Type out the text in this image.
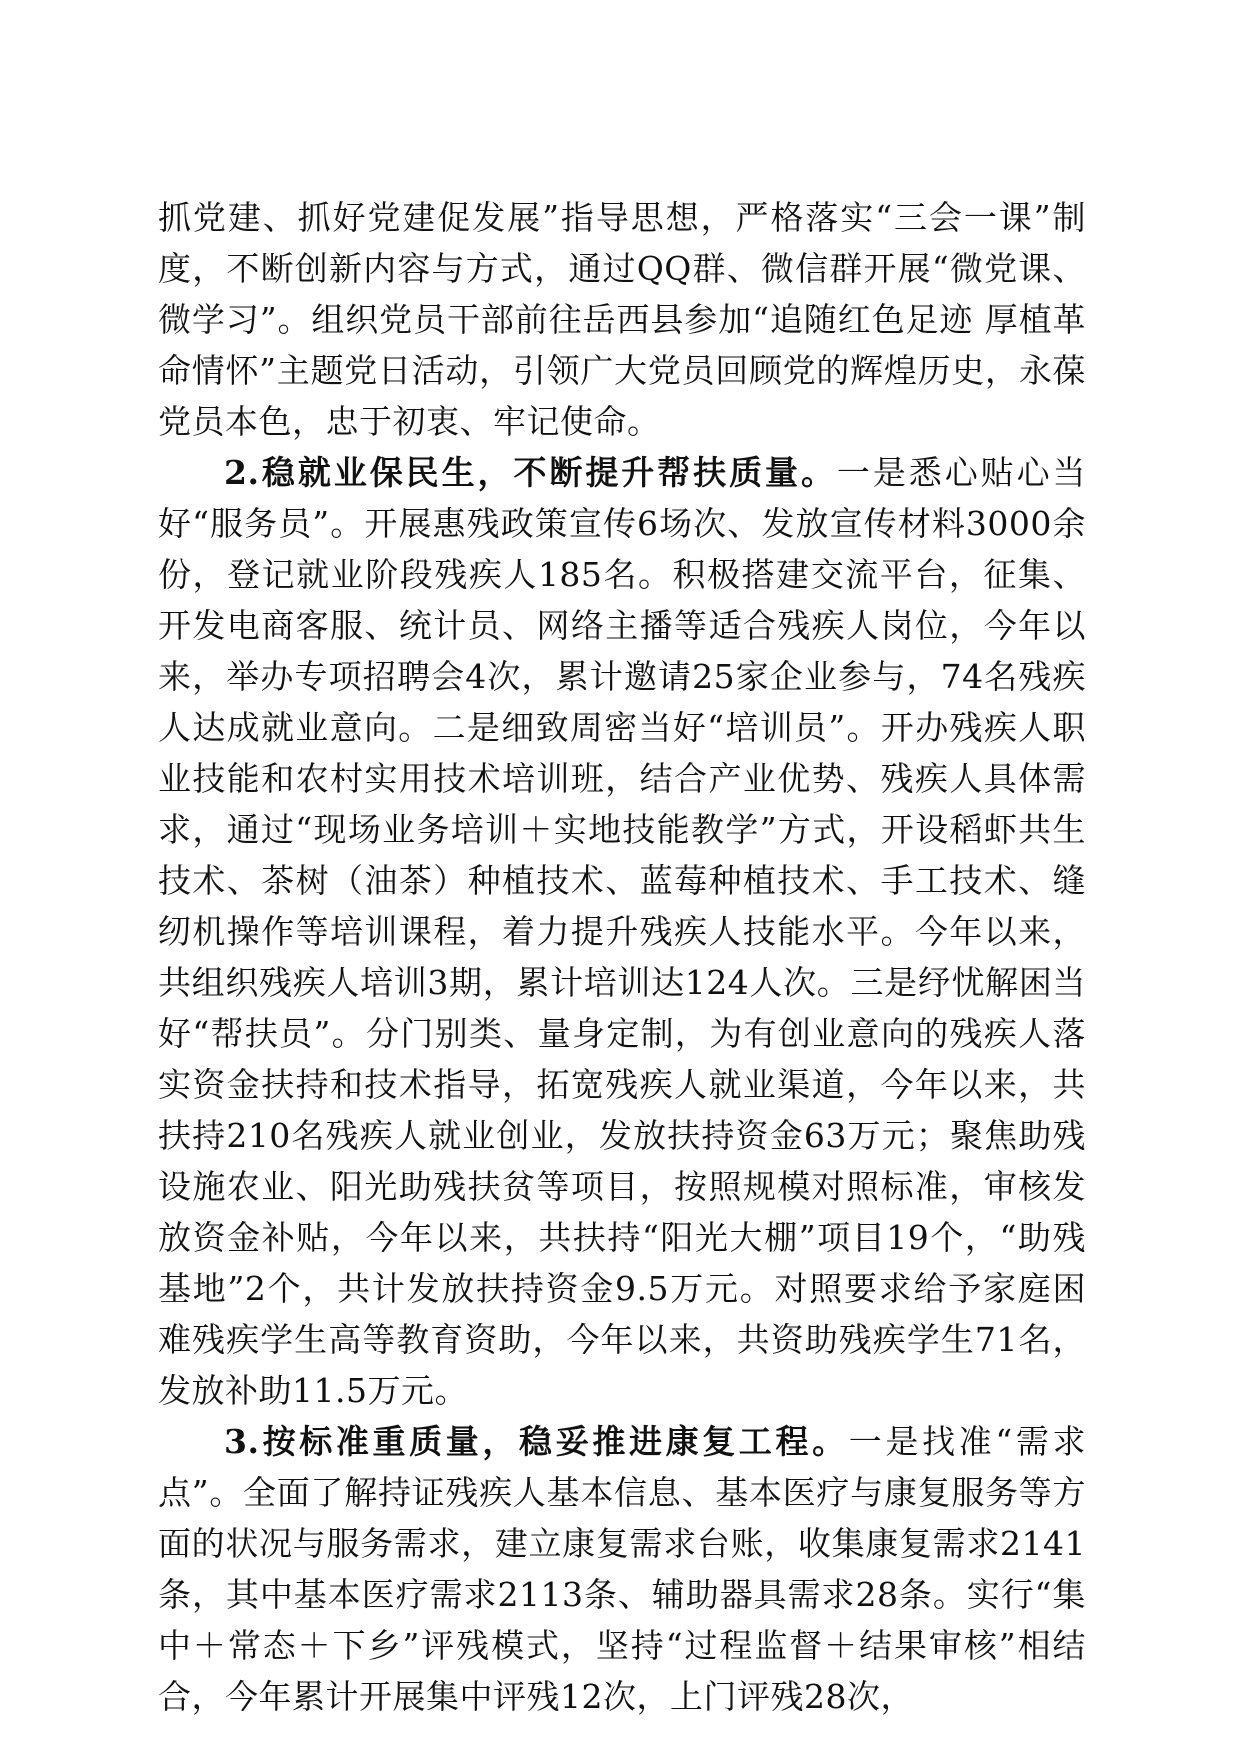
抓党建、抓好党建促发展”指导思想，严格落实“三会一课”制度，不断创新内容与方式，通过QQ群、微信群开展“微党课、微学习”。组织党员干部前往岳西县参加“追随红色足迹 厚植革命情怀”主题党日活动，引领广大党员回顾党的辉煌历史，永葆党员本色，忠于初衷、牢记使命。

2.稳就业保民生，不断提升帮扶质量。一是悉心贴心当好“服务员”。开展惠残政策宣传6场次、发放宣传材料3000余份，登记就业阶段残疾人185名。积极搭建交流平台，征集、开发电商客服、统计员、网络主播等适合残疾人岗位，今年以来，举办专项招聘会4次，累计邀请25家企业参与，74名残疾人达成就业意向。二是细致周密当好“培训员”。开办残疾人职业技能和农村实用技术培训班，结合产业优势、残疾人具体需求，通过“现场业务培训＋实地技能教学”方式，开设稻虾共生技术、茶树（油茶）种植技术、蓝莓种植技术、手工技术、缝纫机操作等培训课程，着力提升残疾人技能水平。今年以来，共组织残疾人培训3期，累计培训达124人次。三是纾忧解困当好“帮扶员”。分门别类、量身定制，为有创业意向的残疾人落实资金扶持和技术指导，拓宽残疾人就业渠道，今年以来，共扶持210名残疾人就业创业，发放扶持资金63万元；聚焦助残设施农业、阳光助残扶贫等项目，按照规模对照标准，审核发放资金补贴，今年以来，共扶持“阳光大棚”项目19个，“助残基地”2个，共计发放扶持资金9.5万元。对照要求给予家庭困难残疾学生高等教育资助，今年以来，共资助残疾学生71名，发放补助11.5万元。

3.按标准重质量，稳妥推进康复工程。一是找准“需求点”。全面了解持证残疾人基本信息、基本医疗与康复服务等方面的状况与服务需求，建立康复需求台账，收集康复需求2141条，其中基本医疗需求2113条、辅助器具需求28条。实行“集中＋常态＋下乡”评残模式，坚持“过程监督＋结果审核”相结合，今年累计开展集中评残12次，上门评残28次，
